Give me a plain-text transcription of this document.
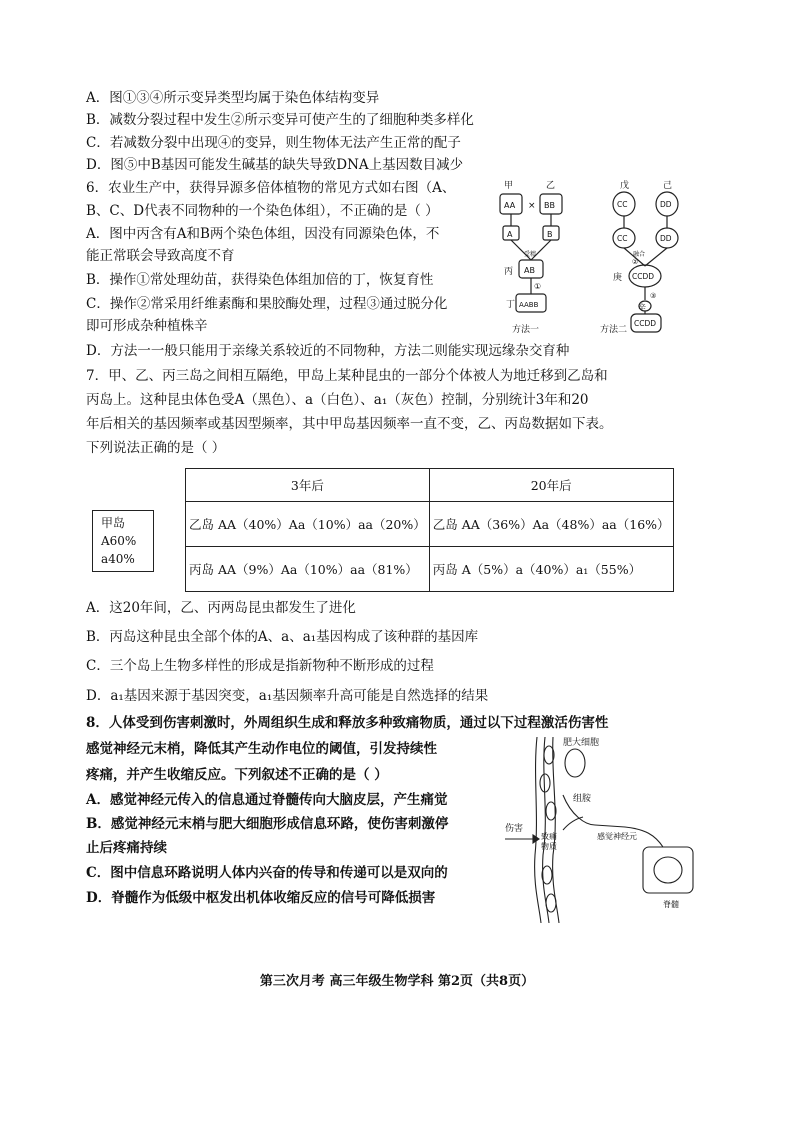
A．图①③④所示变异类型均属于染色体结构变异
B．减数分裂过程中发生②所示变异可使产生的了细胞种类多样化
C．若减数分裂中出现④的变异，则生物体无法产生正常的配子
D．图⑤中B基因可能发生碱基的缺失导致DNA上基因数目减少
6．农业生产中，获得异源多倍体植物的常见方式如右图（A、
B、C、D代表不同物种的一个染色体组），不正确的是（ ）
A．图中丙含有A和B两个染色体组，因没有同源染色体，不
能正常联会导致高度不育
B．操作①常处理幼苗，获得染色体组加倍的丁，恢复育性
C．操作②常采用纤维素酶和果胶酶处理，过程③通过脱分化
即可形成杂种植株辛
D．方法一一般只能用于亲缘关系较近的不同物种，方法二则能实现远缘杂交育种
甲	乙
AA × BB
A	B
受精
丙 AB
①
丁 AABB
方法一
戊	己
CC	DD
CC	DD
融合
②
庚 CCDD
③
辛
CCDD
方法二
7．甲、乙、丙三岛之间相互隔绝，甲岛上某种昆虫的一部分个体被人为地迁移到乙岛和
丙岛上。这种昆虫体色受A（黑色）、a（白色）、a₁（灰色）控制，分别统计3年和20
年后相关的基因频率或基因型频率，其中甲岛基因频率一直不变，乙、丙岛数据如下表。
下列说法正确的是（ ）
甲岛
A60%
a40%
3年后	20年后
乙岛 AA（40%）Aa（10%）aa（20%）	乙岛 AA（36%）Aa（48%）aa（16%）
丙岛 AA（9%）Aa（10%）aa（81%）	丙岛 A（5%）a（40%）a₁（55%）
A．这20年间，乙、丙两岛昆虫都发生了进化
B．丙岛这种昆虫全部个体的A、a、a₁基因构成了该种群的基因库
C．三个岛上生物多样性的形成是指新物种不断形成的过程
D．a₁基因来源于基因突变，a₁基因频率升高可能是自然选择的结果
8．人体受到伤害刺激时，外周组织生成和释放多种致痛物质，通过以下过程激活伤害性
感觉神经元末梢，降低其产生动作电位的阈值，引发持续性
疼痛，并产生收缩反应。下列叙述不正确的是（ ）
A．感觉神经元传入的信息通过脊髓传向大脑皮层，产生痛觉
B．感觉神经元末梢与肥大细胞形成信息环路，使伤害刺激停
止后疼痛持续
C．图中信息环路说明人体内兴奋的传导和传递可以是双向的
D．脊髓作为低级中枢发出机体收缩反应的信号可降低损害
肥大细胞
组胺
伤害
致痛
物质
感觉神经元
脊髓
第三次月考 高三年级生物学科 第2页（共8页）
